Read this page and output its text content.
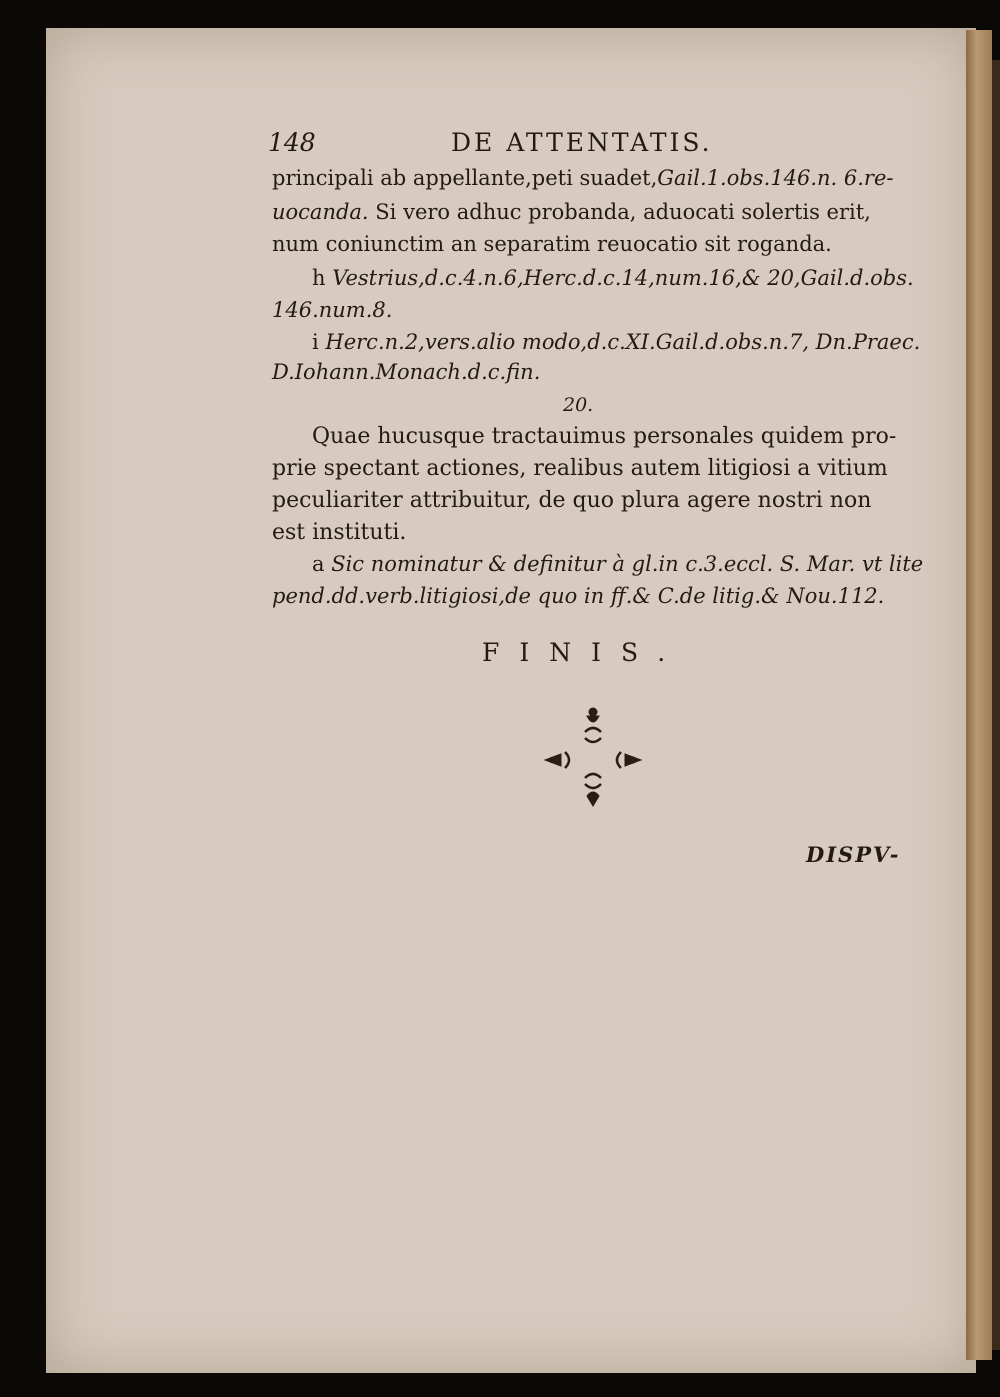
148	DE ATTENTATIS.
principali ab appellante,peti suadet,Gail.1.obs.146.n. 6.re-
uocanda. Si vero adhuc probanda, aduocati solertis erit,
num coniunctim an separatim reuocatio sit roganda.
h Vestrius,d.c.4.n.6,Herc.d.c.14,num.16,& 20,Gail.d.obs.
146.num.8.
i Herc.n.2,vers.alio modo,d.c.XI.Gail.d.obs.n.7, Dn.Praec.
D.Iohann.Monach.d.c.fin.
20.
Quae hucusque tractauimus personales quidem pro-
prie spectant actiones, realibus autem litigiosi a vitium
peculiariter attribuitur, de quo plura agere nostri non
est instituti.
a Sic nominatur & definitur à gl.in c.3.eccl. S. Mar. vt lite
pend.dd.verb.litigiosi,de quo in ff.& C.de litig.& Nou.112.
FINIS.
DISPV-
